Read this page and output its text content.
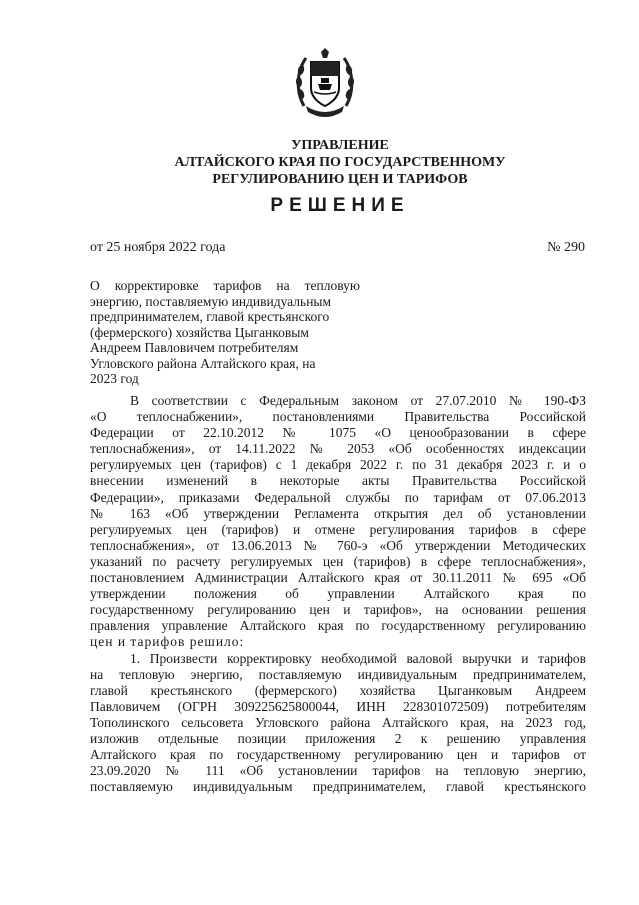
УПРАВЛЕНИЕ
АЛТАЙСКОГО КРАЯ ПО ГОСУДАРСТВЕННОМУ
РЕГУЛИРОВАНИЮ ЦЕН И ТАРИФОВ
РЕШЕНИЕ
от 25 ноября 2022 года	№ 290
О корректировке тарифов на тепловую
энергию, поставляемую индивидуальным
предпринимателем, главой крестьянского
(фермерского) хозяйства Цыганковым
Андреем Павловичем потребителям
Угловского района Алтайского края, на
2023 год
В соответствии с Федеральным законом от 27.07.2010 № 190-ФЗ
«О теплоснабжении», постановлениями Правительства Российской
Федерации от 22.10.2012 № 1075 «О ценообразовании в сфере
теплоснабжения», от 14.11.2022 № 2053 «Об особенностях индексации
регулируемых цен (тарифов) с 1 декабря 2022 г. по 31 декабря 2023 г. и о
внесении изменений в некоторые акты Правительства Российской
Федерации», приказами Федеральной службы по тарифам от 07.06.2013
№ 163 «Об утверждении Регламента открытия дел об установлении
регулируемых цен (тарифов) и отмене регулирования тарифов в сфере
теплоснабжения», от 13.06.2013 № 760-э «Об утверждении Методических
указаний по расчету регулируемых цен (тарифов) в сфере теплоснабжения»,
постановлением Администрации Алтайского края от 30.11.2011 № 695 «Об
утверждении положения об управлении Алтайского края по
государственному регулированию цен и тарифов», на основании решения
правления управление Алтайского края по государственному регулированию
цен и тарифов решило:
1. Произвести корректировку необходимой валовой выручки и тарифов
на тепловую энергию, поставляемую индивидуальным предпринимателем,
главой крестьянского (фермерского) хозяйства Цыганковым Андреем
Павловичем (ОГРН 309225625800044, ИНН 228301072509) потребителям
Тополинского сельсовета Угловского района Алтайского края, на 2023 год,
изложив отдельные позиции приложения 2 к решению управления
Алтайского края по государственному регулированию цен и тарифов от
23.09.2020 № 111 «Об установлении тарифов на тепловую энергию,
поставляемую индивидуальным предпринимателем, главой крестьянского
